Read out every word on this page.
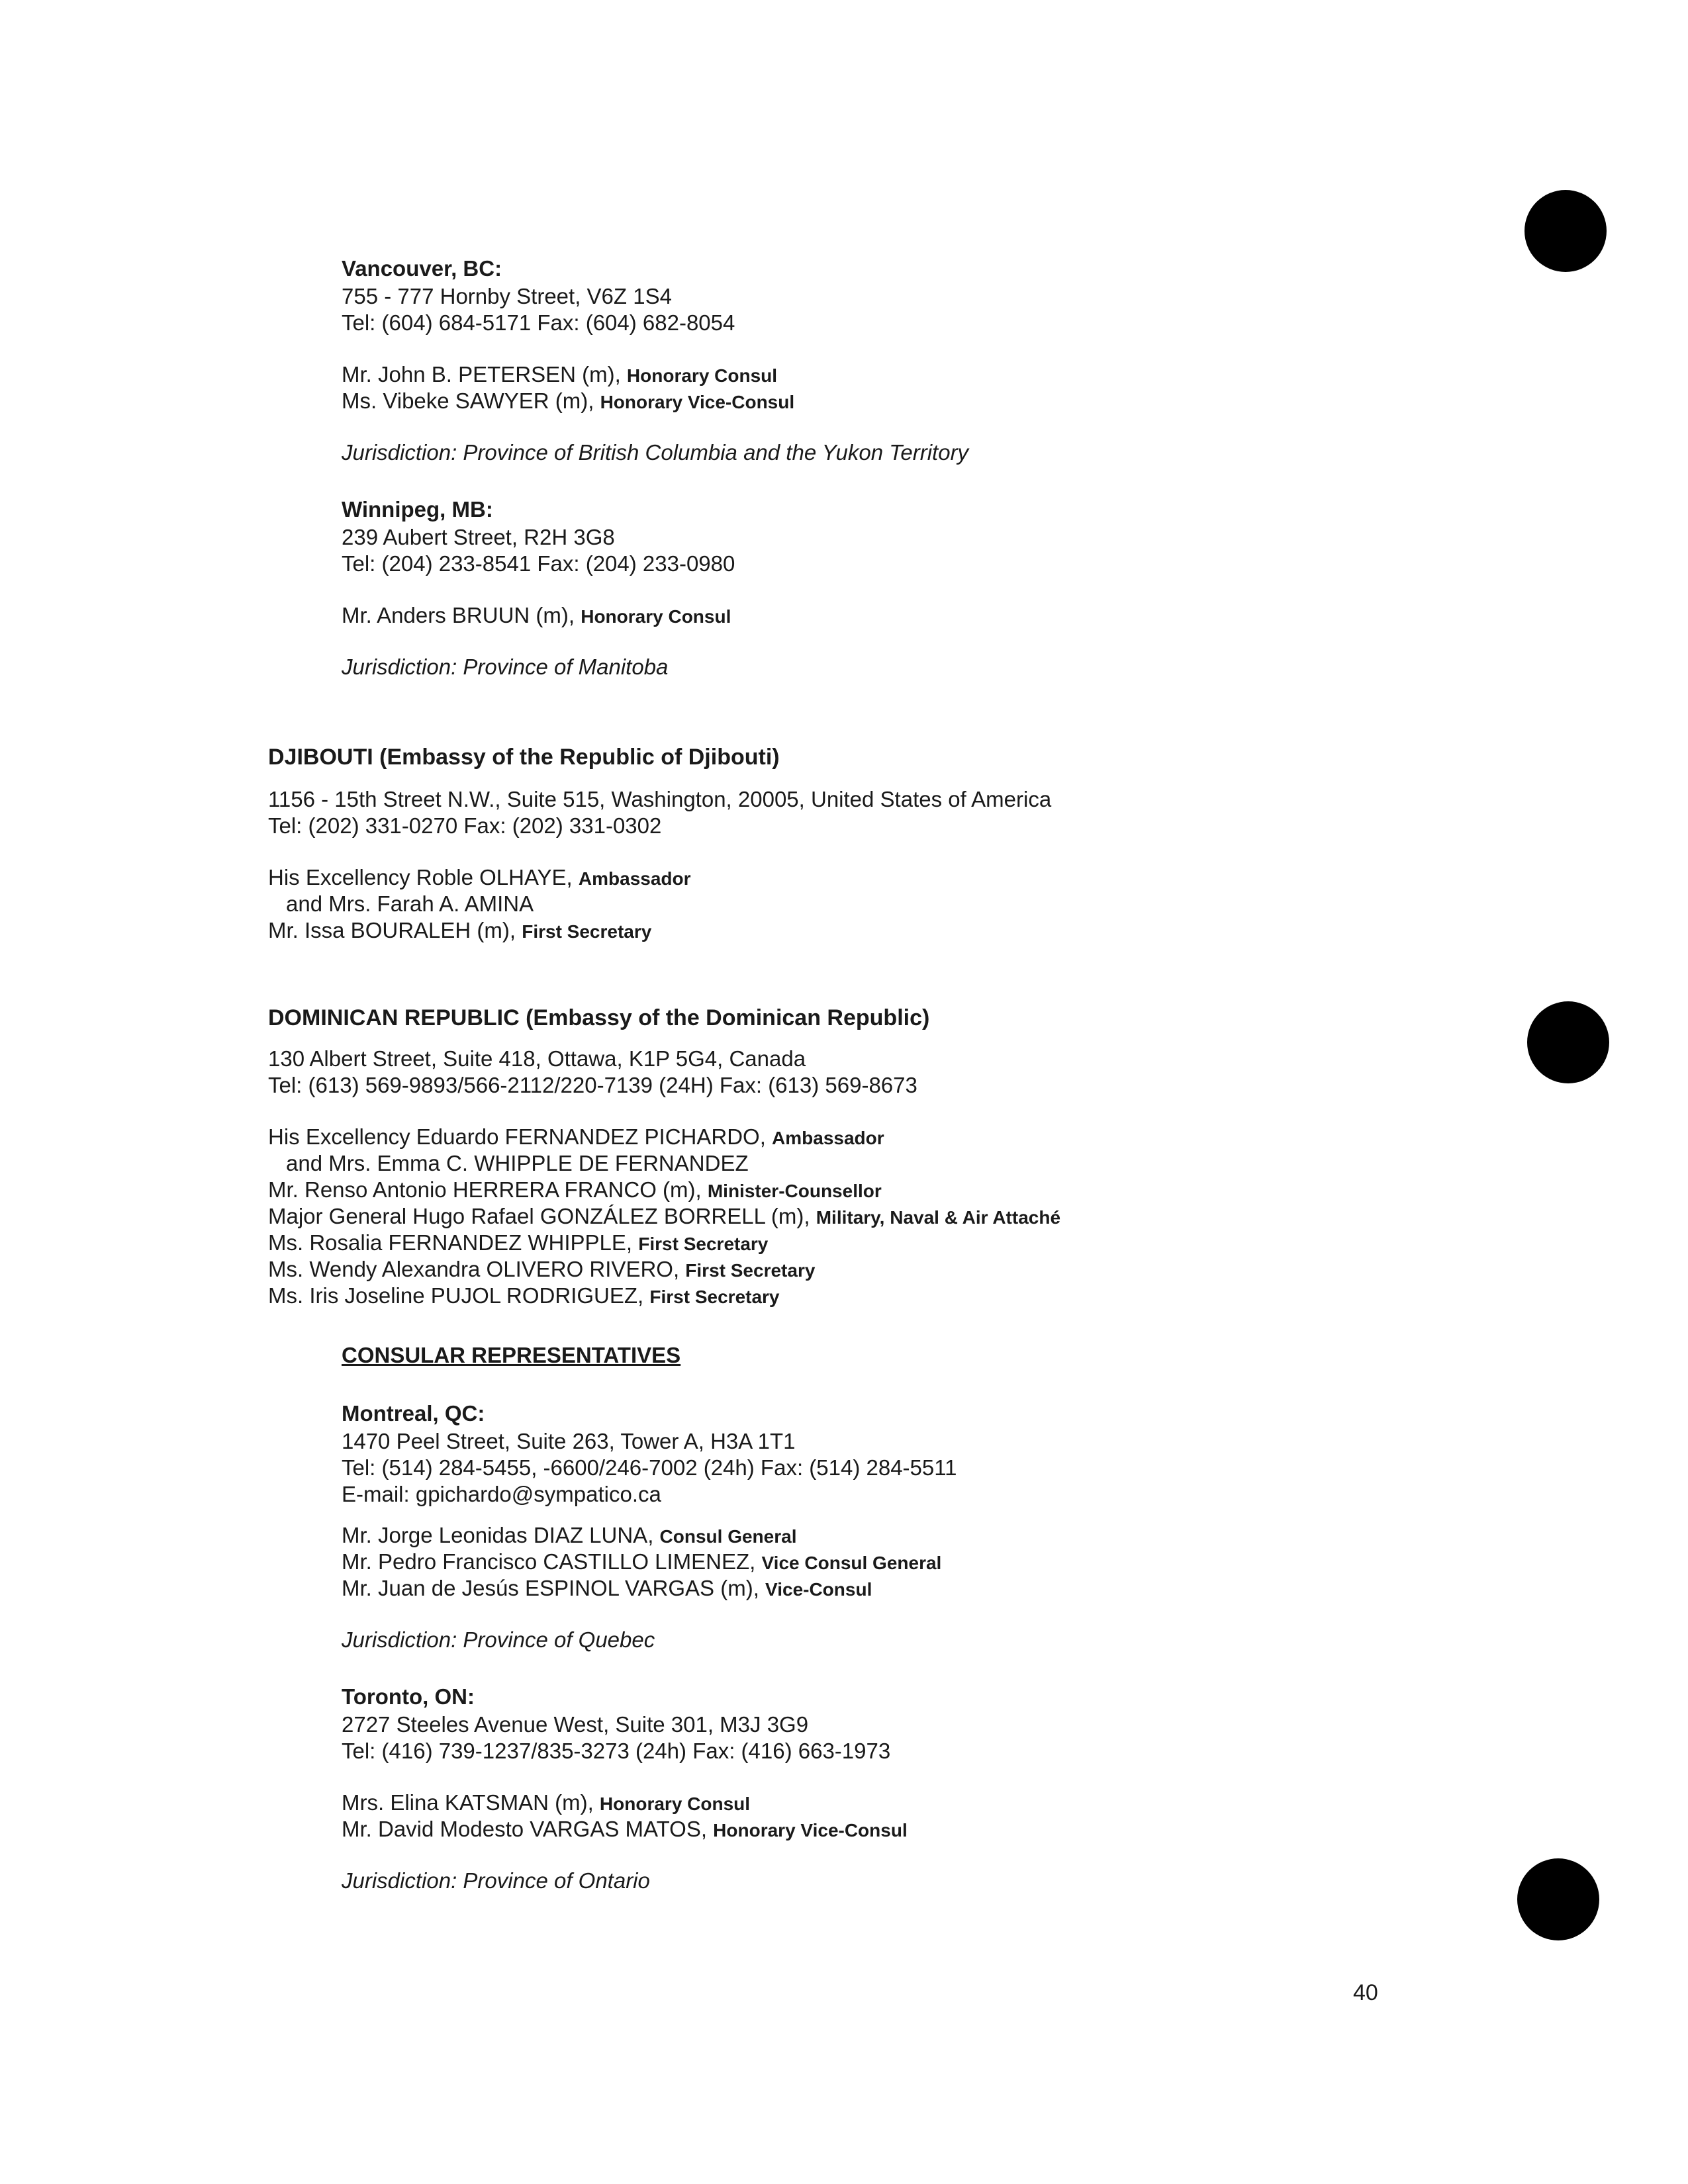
Vancouver, BC:
755 - 777 Hornby Street, V6Z 1S4
Tel: (604) 684-5171 Fax: (604) 682-8054
Mr. John B. PETERSEN (m), Honorary Consul
Ms. Vibeke SAWYER (m), Honorary Vice-Consul
Jurisdiction: Province of British Columbia and the Yukon Territory
Winnipeg, MB:
239 Aubert Street, R2H 3G8
Tel: (204) 233-8541 Fax: (204) 233-0980
Mr. Anders BRUUN (m), Honorary Consul
Jurisdiction: Province of Manitoba
DJIBOUTI (Embassy of the Republic of Djibouti)
1156 - 15th Street N.W., Suite 515, Washington, 20005, United States of America
Tel: (202) 331-0270 Fax: (202) 331-0302
His Excellency Roble OLHAYE, Ambassador
and Mrs. Farah A. AMINA
Mr. Issa BOURALEH (m), First Secretary
DOMINICAN REPUBLIC (Embassy of the Dominican Republic)
130 Albert Street, Suite 418, Ottawa, K1P 5G4, Canada
Tel: (613) 569-9893/566-2112/220-7139 (24H) Fax: (613) 569-8673
His Excellency Eduardo FERNANDEZ PICHARDO, Ambassador
and Mrs. Emma C. WHIPPLE DE FERNANDEZ
Mr. Renso Antonio HERRERA FRANCO (m), Minister-Counsellor
Major General Hugo Rafael GONZÁLEZ BORRELL (m), Military, Naval & Air Attaché
Ms. Rosalia FERNANDEZ WHIPPLE, First Secretary
Ms. Wendy Alexandra OLIVERO RIVERO, First Secretary
Ms. Iris Joseline PUJOL RODRIGUEZ, First Secretary
CONSULAR REPRESENTATIVES
Montreal, QC:
1470 Peel Street, Suite 263, Tower A, H3A 1T1
Tel: (514) 284-5455, -6600/246-7002 (24h) Fax: (514) 284-5511
E-mail: gpichardo@sympatico.ca
Mr. Jorge Leonidas DIAZ LUNA, Consul General
Mr. Pedro Francisco CASTILLO LIMENEZ, Vice Consul General
Mr. Juan de Jesús ESPINOL VARGAS (m), Vice-Consul
Jurisdiction: Province of Quebec
Toronto, ON:
2727 Steeles Avenue West, Suite 301, M3J 3G9
Tel: (416) 739-1237/835-3273 (24h) Fax: (416) 663-1973
Mrs. Elina KATSMAN (m), Honorary Consul
Mr. David Modesto VARGAS MATOS, Honorary Vice-Consul
Jurisdiction: Province of Ontario
40
